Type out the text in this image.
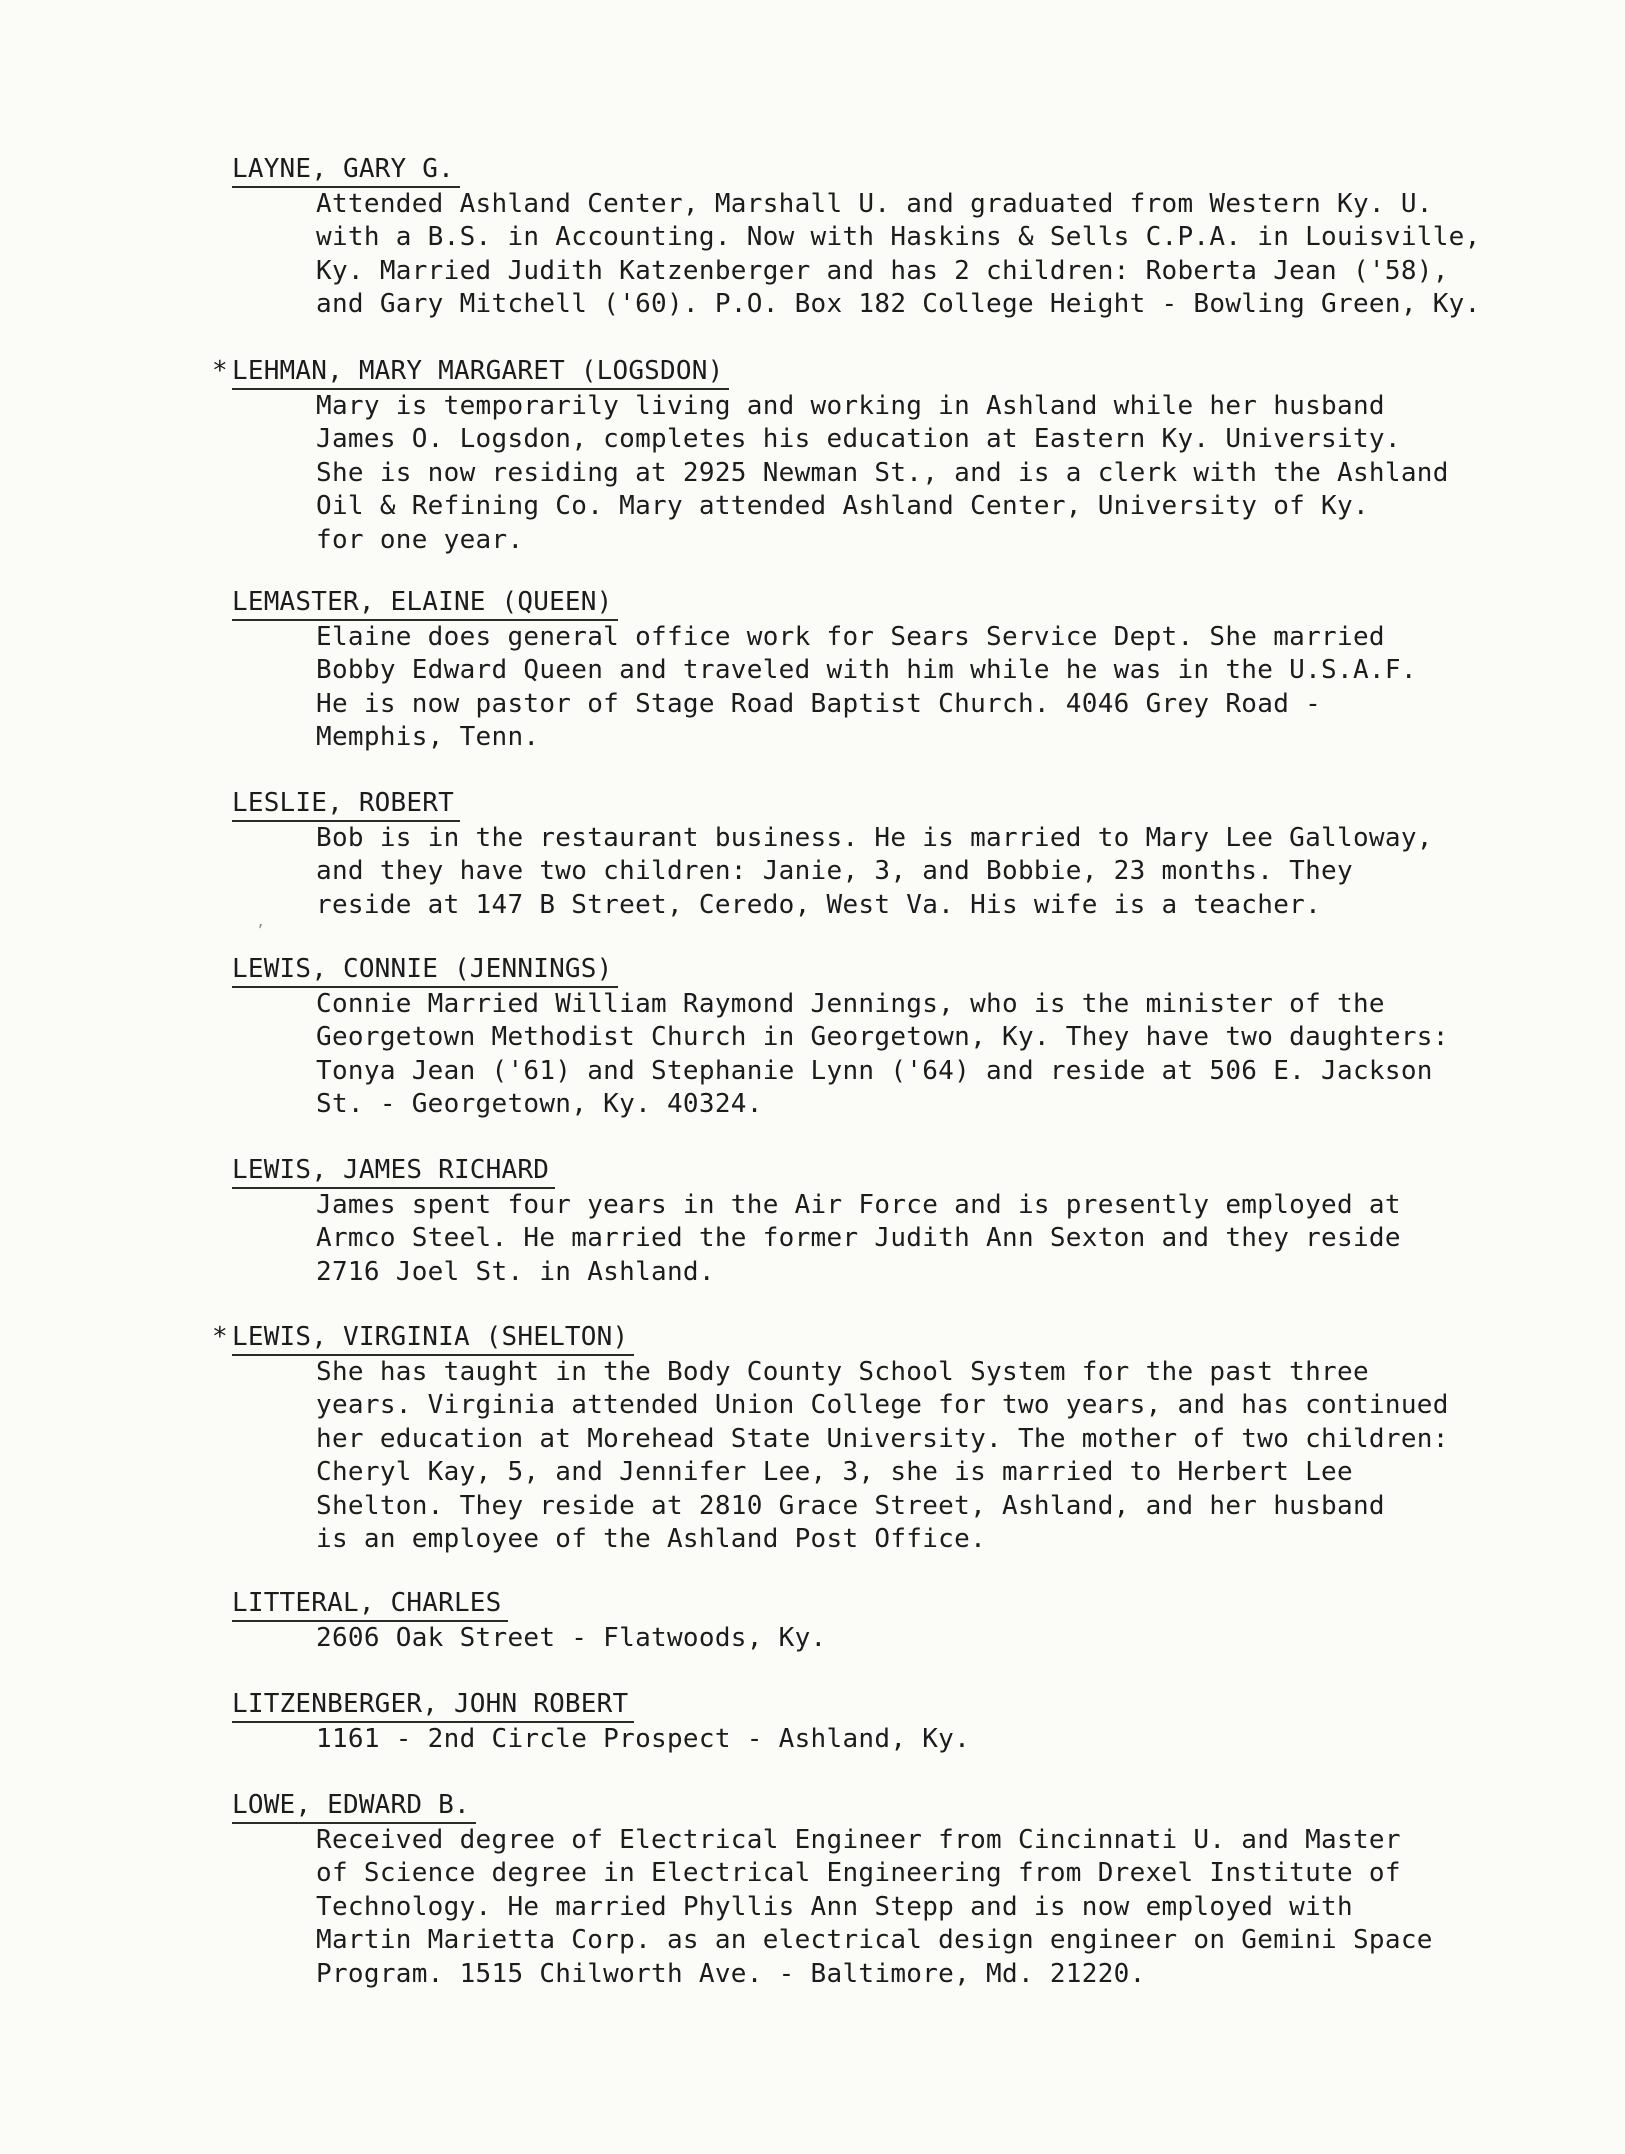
LAYNE, GARY G.
Attended Ashland Center, Marshall U. and graduated from Western Ky. U.
with a B.S. in Accounting. Now with Haskins & Sells C.P.A. in Louisville,
Ky. Married Judith Katzenberger and has 2 children: Roberta Jean ('58),
and Gary Mitchell ('60). P.O. Box 182 College Height - Bowling Green, Ky.
* LEHMAN, MARY MARGARET (LOGSDON)
Mary is temporarily living and working in Ashland while her husband
James O. Logsdon, completes his education at Eastern Ky. University.
She is now residing at 2925 Newman St., and is a clerk with the Ashland
Oil & Refining Co. Mary attended Ashland Center, University of Ky.
for one year.
LEMASTER, ELAINE (QUEEN)
Elaine does general office work for Sears Service Dept. She married
Bobby Edward Queen and traveled with him while he was in the U.S.A.F.
He is now pastor of Stage Road Baptist Church. 4046 Grey Road -
Memphis, Tenn.
LESLIE, ROBERT
Bob is in the restaurant business. He is married to Mary Lee Galloway,
and they have two children: Janie, 3, and Bobbie, 23 months. They
reside at 147 B Street, Ceredo, West Va. His wife is a teacher.
’
LEWIS, CONNIE (JENNINGS)
Connie Married William Raymond Jennings, who is the minister of the
Georgetown Methodist Church in Georgetown, Ky. They have two daughters:
Tonya Jean ('61) and Stephanie Lynn ('64) and reside at 506 E. Jackson
St. - Georgetown, Ky. 40324.
LEWIS, JAMES RICHARD
James spent four years in the Air Force and is presently employed at
Armco Steel. He married the former Judith Ann Sexton and they reside
2716 Joel St. in Ashland.
* LEWIS, VIRGINIA (SHELTON)
She has taught in the Body County School System for the past three
years. Virginia attended Union College for two years, and has continued
her education at Morehead State University. The mother of two children:
Cheryl Kay, 5, and Jennifer Lee, 3, she is married to Herbert Lee
Shelton. They reside at 2810 Grace Street, Ashland, and her husband
is an employee of the Ashland Post Office.
LITTERAL, CHARLES
2606 Oak Street - Flatwoods, Ky.
LITZENBERGER, JOHN ROBERT
1161 - 2nd Circle Prospect - Ashland, Ky.
LOWE, EDWARD B.
Received degree of Electrical Engineer from Cincinnati U. and Master
of Science degree in Electrical Engineering from Drexel Institute of
Technology. He married Phyllis Ann Stepp and is now employed with
Martin Marietta Corp. as an electrical design engineer on Gemini Space
Program. 1515 Chilworth Ave. - Baltimore, Md. 21220.
